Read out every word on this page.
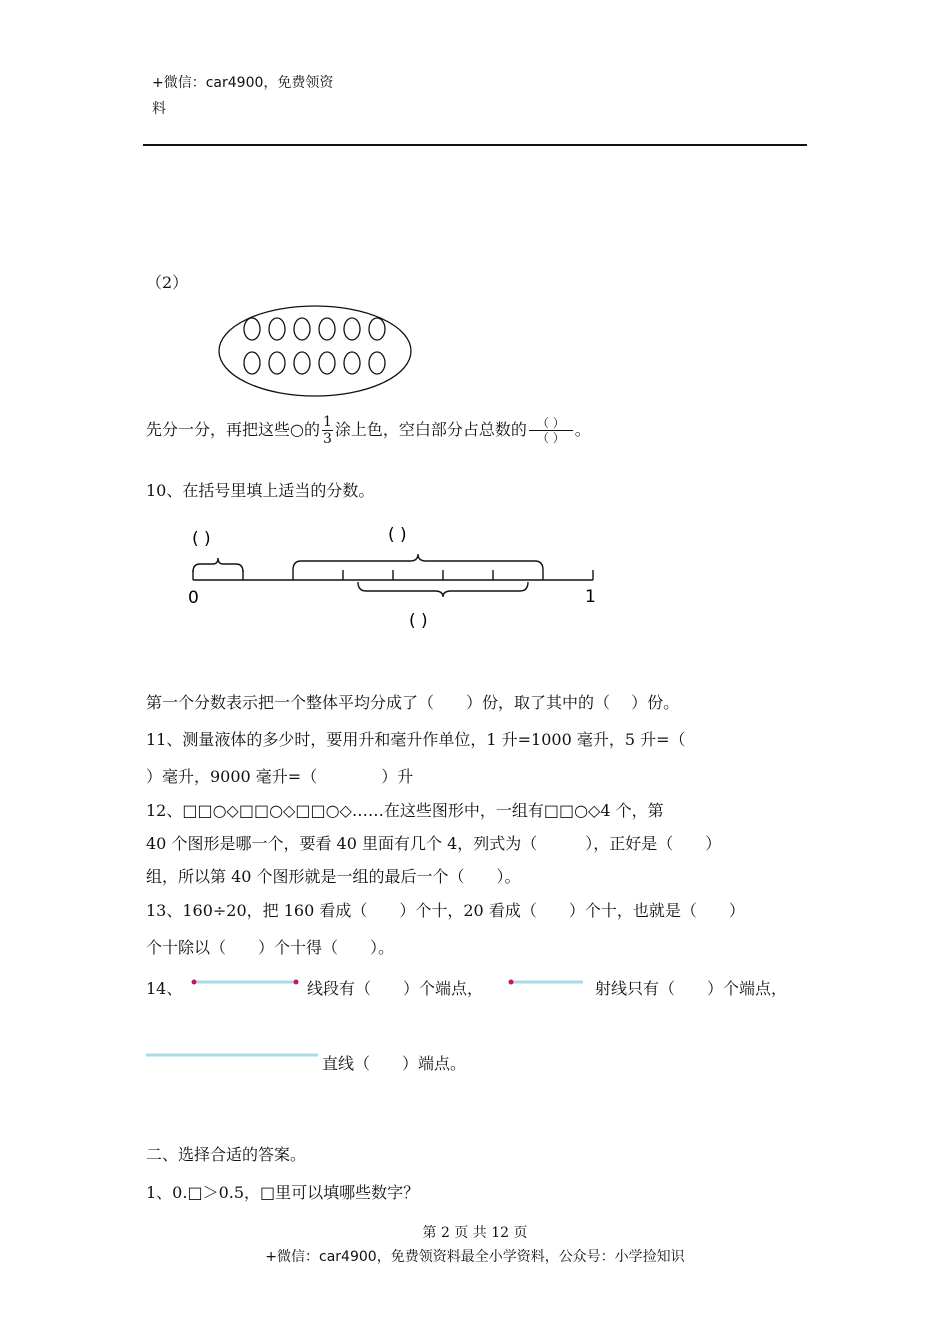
+微信：car4900，免费领资
料
（2）
先分一分，再把这些○的 $\frac{1}{3}$ 涂上色，空白部分占总数的 $\frac{( )}{( )}$ 。
10、在括号里填上适当的分数。
( )	( )
( )
0	1
第一个分数表示把一个整体平均分成了（　　）份，取了其中的（　 ）份。
11、测量液体的多少时，要用升和毫升作单位，1 升=1000 毫升，5 升=（
）毫升，9000 毫升=（　　　　）升
12、□□○◇□□○◇□□○◇……在这些图形中，一组有□□○◇4 个，第
40 个图形是哪一个，要看 40 里面有几个 4，列式为（　　　），正好是（　　）
组，所以第 40 个图形就是一组的最后一个（　　）。
13、160÷20，把 160 看成（　　）个十，20 看成（　　）个十，也就是（　　）
个十除以（　　）个十得（　　）。
14、	线段有（　　）个端点，	射线只有（　　）个端点，
直线（　　）端点。
二、选择合适的答案。
1、0.□＞0.5，□里可以填哪些数字？
第 2 页 共 12 页
+微信：car4900，免费领资料最全小学资料，公众号：小学捡知识
